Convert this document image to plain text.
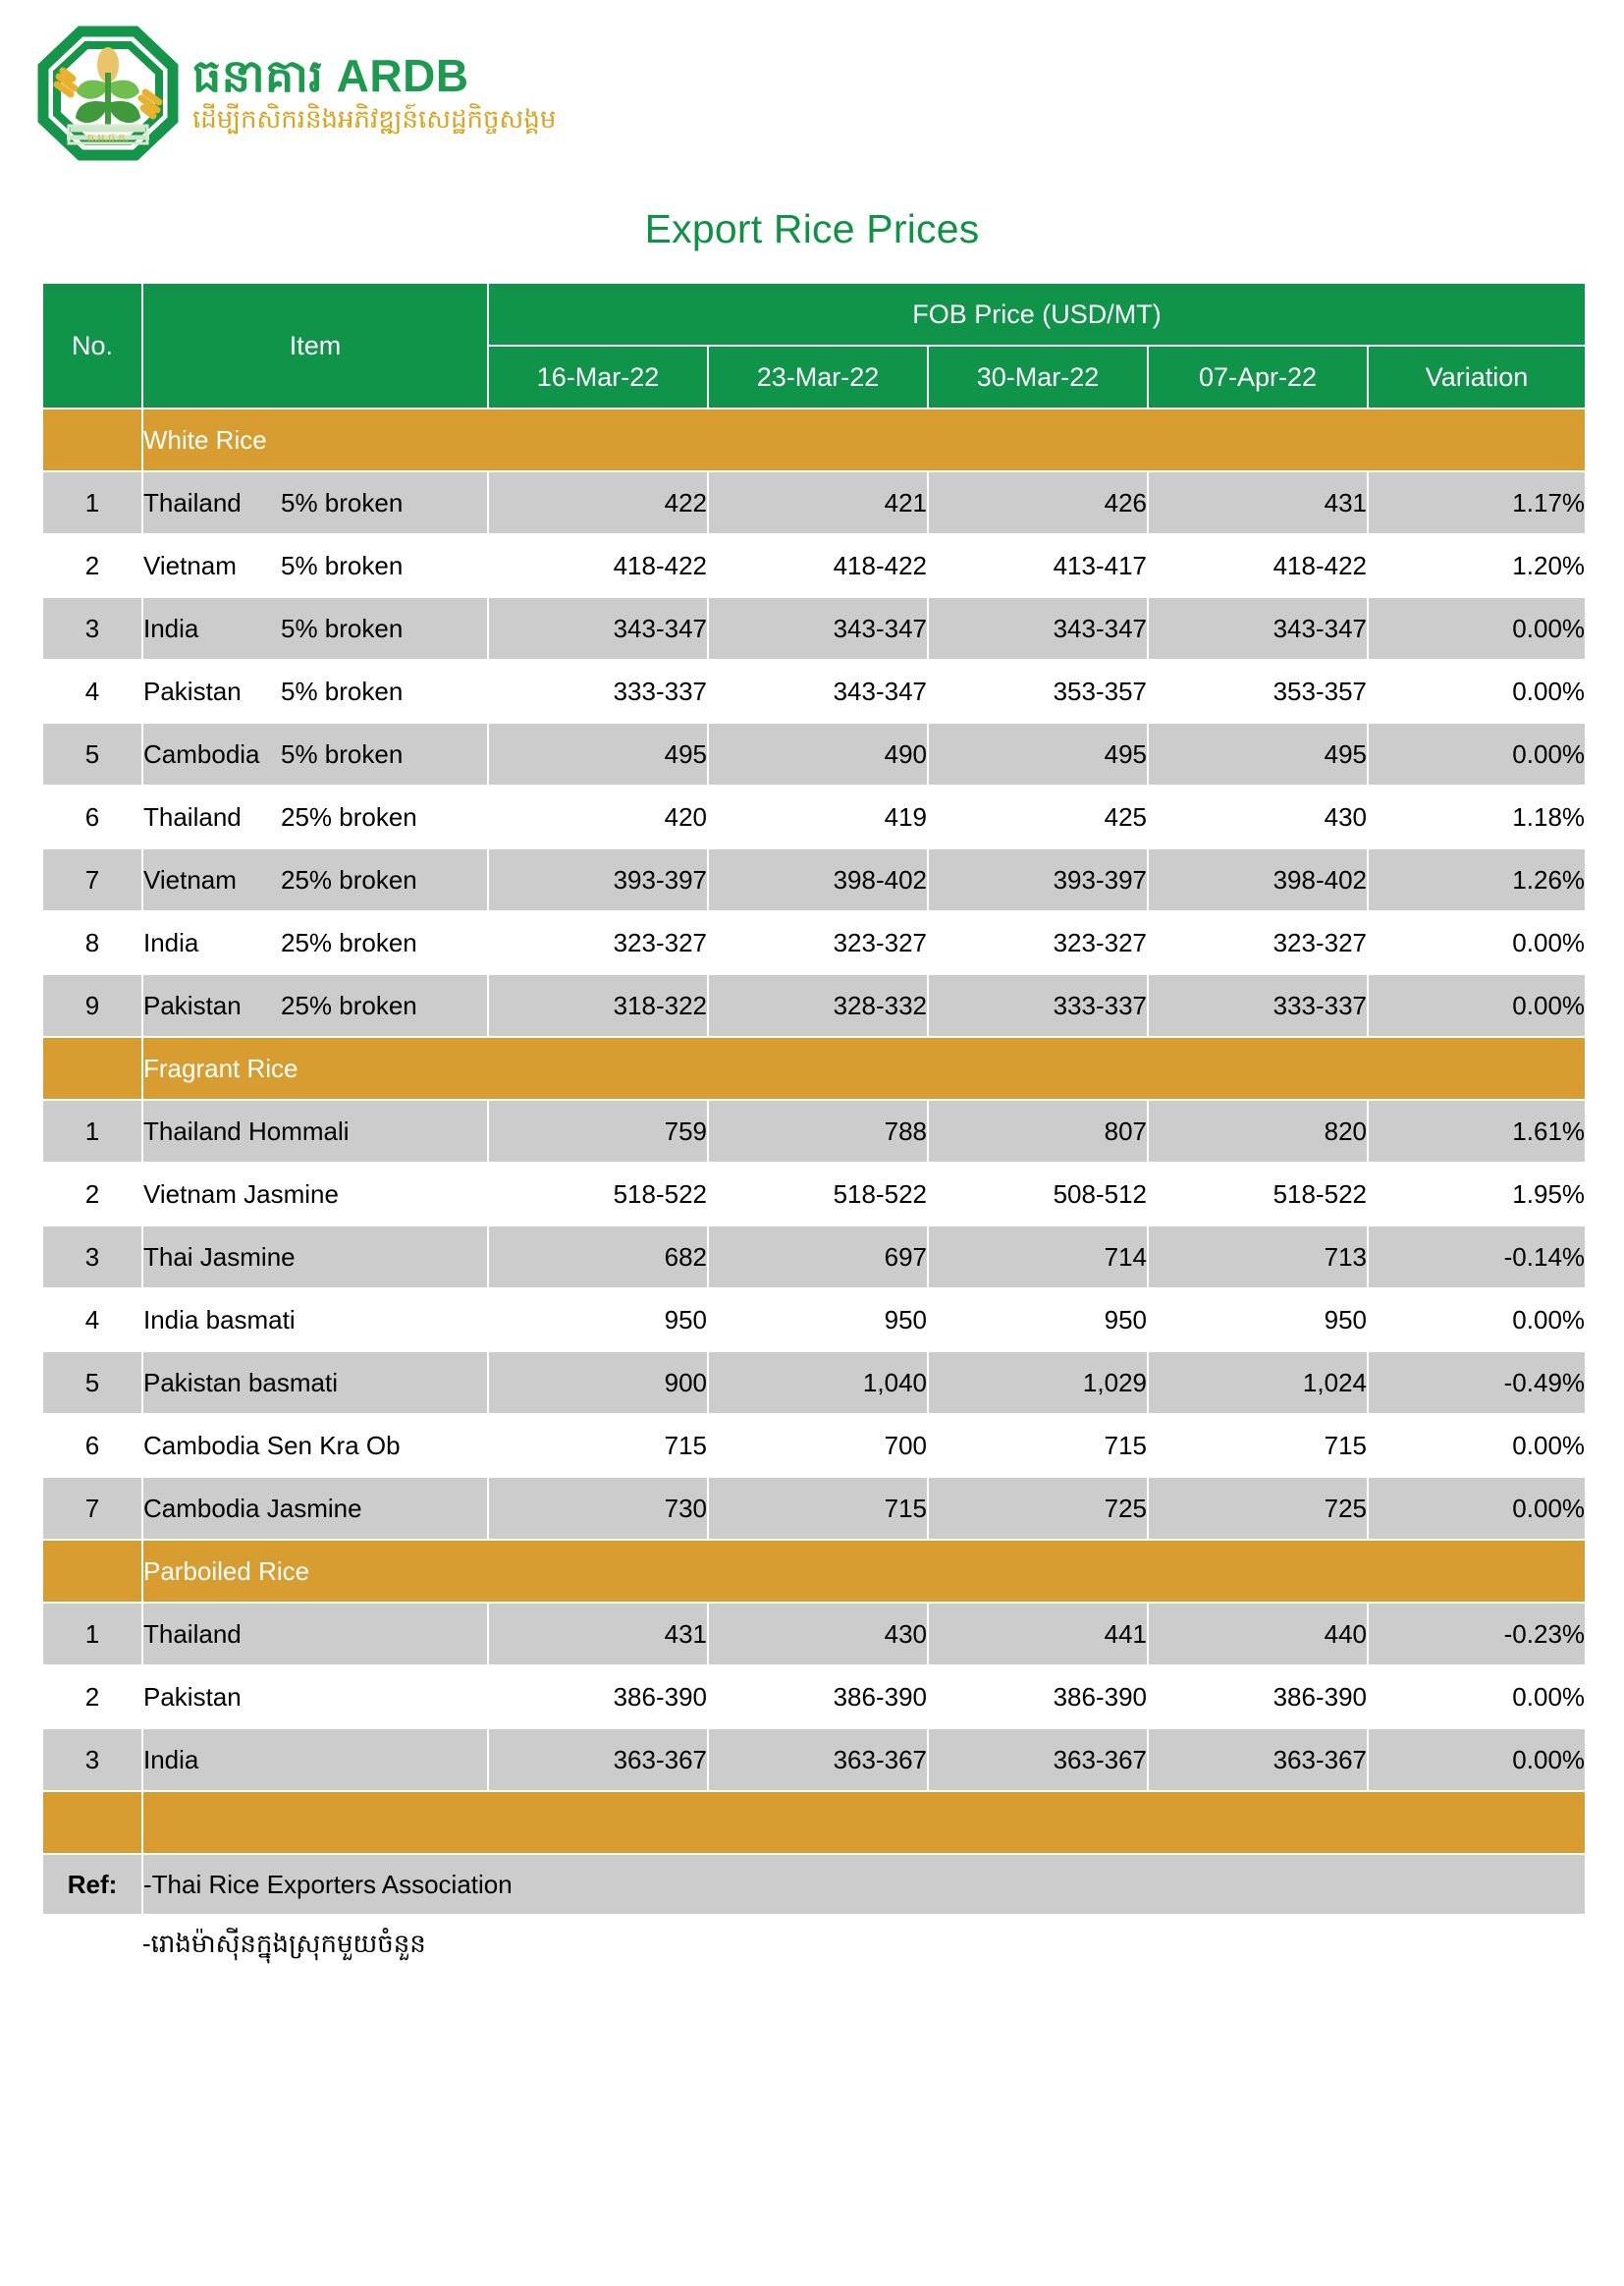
ធ.អ.ជ.ក.
ធនាគារ ARDB
ដើម្បីកសិករនិងអភិវឌ្ឍន៍សេដ្ឋកិច្ចសង្គម
Export Rice Prices
No.	Item	FOB Price (USD/MT)				
		16-Mar-22	23-Mar-22	30-Mar-22	07-Apr-22	Variation
	White Rice					
1	Thailand 5% broken	422	421	426	431	1.17%
2	Vietnam 5% broken	418-422	418-422	413-417	418-422	1.20%
3	India 5% broken	343-347	343-347	343-347	343-347	0.00%
4	Pakistan 5% broken	333-337	343-347	353-357	353-357	0.00%
5	Cambodia 5% broken	495	490	495	495	0.00%
6	Thailand 25% broken	420	419	425	430	1.18%
7	Vietnam 25% broken	393-397	398-402	393-397	398-402	1.26%
8	India 25% broken	323-327	323-327	323-327	323-327	0.00%
9	Pakistan 25% broken	318-322	328-332	333-337	333-337	0.00%
	Fragrant Rice					
1	Thailand Hommali	759	788	807	820	1.61%
2	Vietnam Jasmine	518-522	518-522	508-512	518-522	1.95%
3	Thai Jasmine	682	697	714	713	-0.14%
4	India basmati	950	950	950	950	0.00%
5	Pakistan basmati	900	1,040	1,029	1,024	-0.49%
6	Cambodia Sen Kra Ob	715	700	715	715	0.00%
7	Cambodia Jasmine	730	715	725	725	0.00%
	Parboiled Rice					
1	Thailand	431	430	441	440	-0.23%
2	Pakistan	386-390	386-390	386-390	386-390	0.00%
3	India	363-367	363-367	363-367	363-367	0.00%

Ref:	-Thai Rice Exporters Association					
	-រោងម៉ាស៊ីនក្នុងស្រុកមួយចំនួន					
